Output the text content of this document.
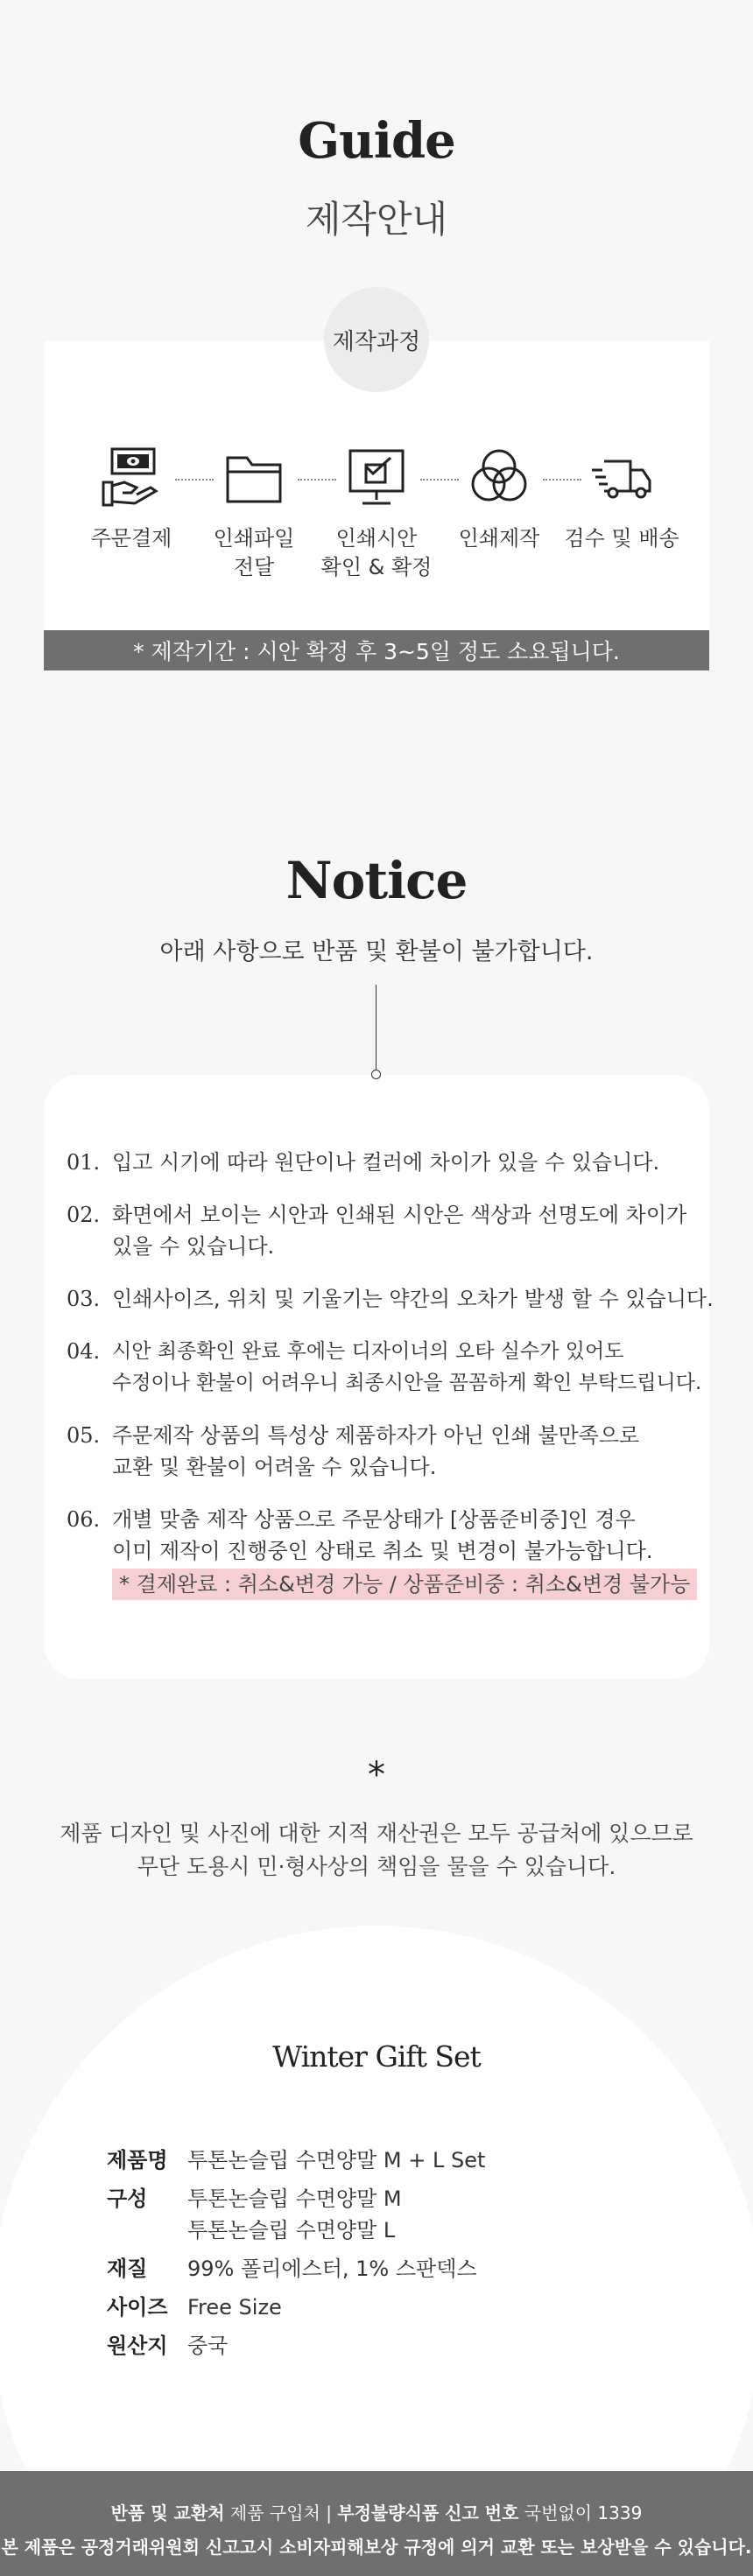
Guide
제작안내
제작과정
주문결제	인쇄파일
전달
인쇄시안
확인 & 확정
인쇄제작	검수 및 배송
* 제작기간 : 시안 확정 후 3~5일 정도 소요됩니다.
Notice

아래 사항으로 반품 및 환불이 불가합니다.

01. 입고 시기에 따라 원단이나 컬러에 차이가 있을 수 있습니다.
02. 화면에서 보이는 시안과 인쇄된 시안은 색상과 선명도에 차이가
있을 수 있습니다.
03. 인쇄사이즈, 위치 및 기울기는 약간의 오차가 발생 할 수 있습니다.
04. 시안 최종확인 완료 후에는 디자이너의 오타 실수가 있어도
수정이나 환불이 어려우니 최종시안을 꼼꼼하게 확인 부탁드립니다.
05. 주문제작 상품의 특성상 제품하자가 아닌 인쇄 불만족으로
교환 및 환불이 어려울 수 있습니다.
06. 개별 맞춤 제작 상품으로 주문상태가 [상품준비중]인 경우
이미 제작이 진행중인 상태로 취소 및 변경이 불가능합니다.
* 결제완료 : 취소&변경 가능 / 상품준비중 : 취소&변경 불가능
*

제품 디자인 및 사진에 대한 지적 재산권은 모두 공급처에 있으므로
무단 도용시 민·형사상의 책임을 물을 수 있습니다.

Winter Gift Set
제품명 투톤논슬립 수면양말 M + L Set
구성 투톤논슬립 수면양말 M
투톤논슬립 수면양말 L
재질 99% 폴리에스터, 1% 스판덱스
사이즈 Free Size
원산지 중국
반품 및 교환처 제품 구입처 | 부정불량식품 신고 번호 국번없이 1339
본 제품은 공정거래위원회 신고고시 소비자피해보상 규정에 의거 교환 또는 보상받을 수 있습니다.
